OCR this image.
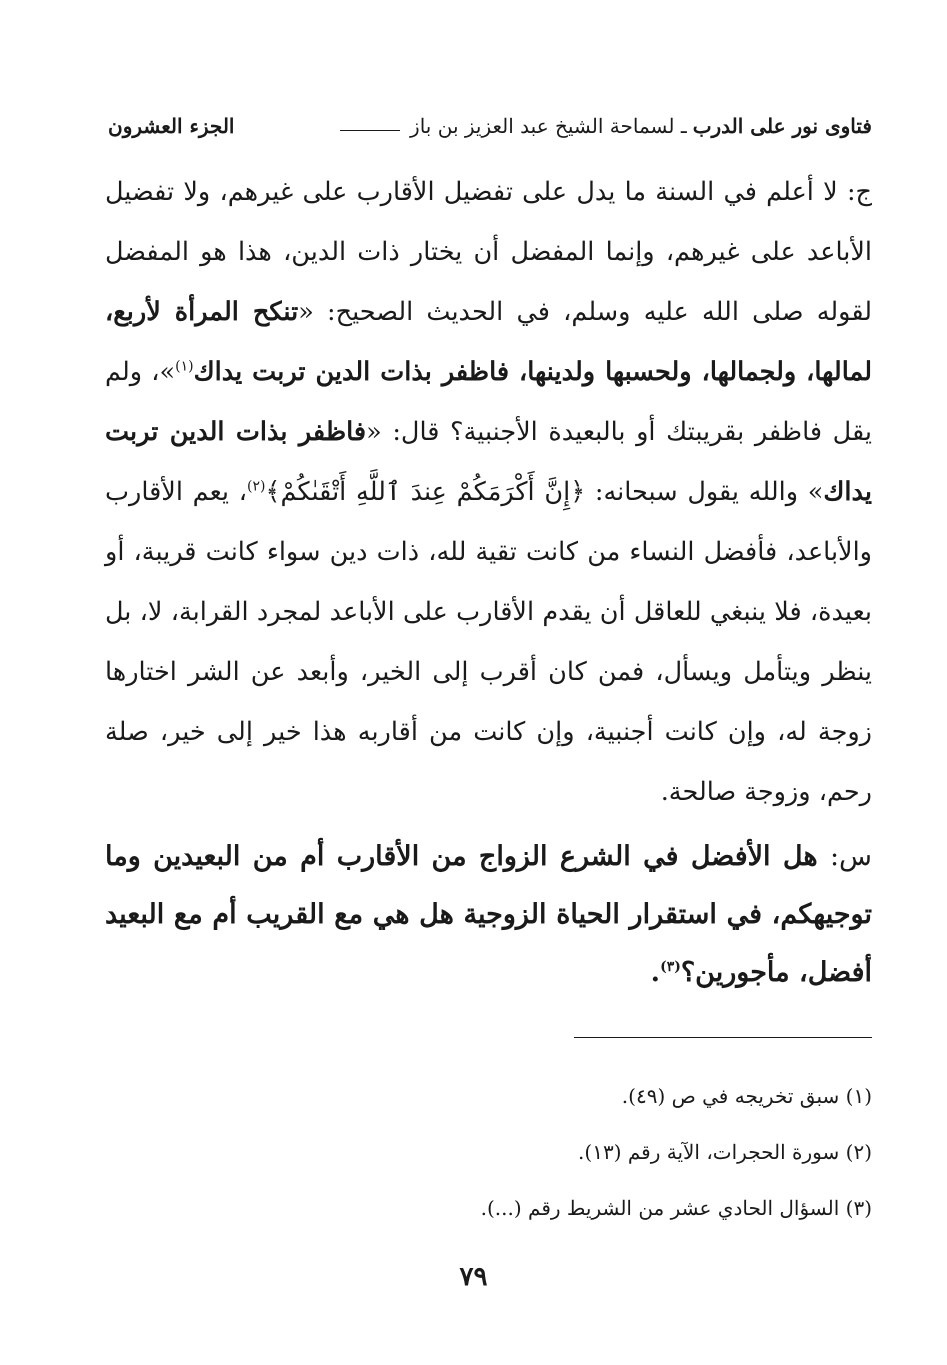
فتاوى نور على الدرب
ـ لسماحة الشيخ عبد العزيز بن باز
الجزء العشرون

ج: لا أعلم في السنة ما يدل على تفضيل الأقارب على غيرهم، ولا تفضيل الأباعد على غيرهم، وإنما المفضل أن يختار ذات الدين، هذا هو المفضل لقوله صلى الله عليه وسلم، في الحديث الصحيح: «تنكح المرأة لأربع، لمالها، ولجمالها، ولحسبها ولدينها، فاظفر بذات الدين تربت يداك$^{(١)}$»، ولم يقل فاظفر بقريبتك أو بالبعيدة الأجنبية؟ قال: «فاظفر بذات الدين تربت يداك» والله يقول سبحانه: ﴿إِنَّ أَكْرَمَكُمْ عِندَ ٱللَّهِ أَتْقَىٰكُمْ﴾$^{(٢)}$، يعم الأقارب والأباعد، فأفضل النساء من كانت تقية لله، ذات دين سواء كانت قريبة، أو بعيدة، فلا ينبغي للعاقل أن يقدم الأقارب على الأباعد لمجرد القرابة، لا، بل ينظر ويتأمل ويسأل، فمن كان أقرب إلى الخير، وأبعد عن الشر اختارها زوجة له، وإن كانت أجنبية، وإن كانت من أقاربه هذا خير إلى خير، صلة رحم، وزوجة صالحة.

س: هل الأفضل في الشرع الزواج من الأقارب أم من البعيدين وما توجيهكم، في استقرار الحياة الزوجية هل هي مع القريب أم مع البعيد أفضل، مأجورين؟$^{(٣)}$.

(١) سبق تخريجه في ص (٤٩).
(٢) سورة الحجرات، الآية رقم (١٣).
(٣) السؤال الحادي عشر من الشريط رقم (...).
٧٩
